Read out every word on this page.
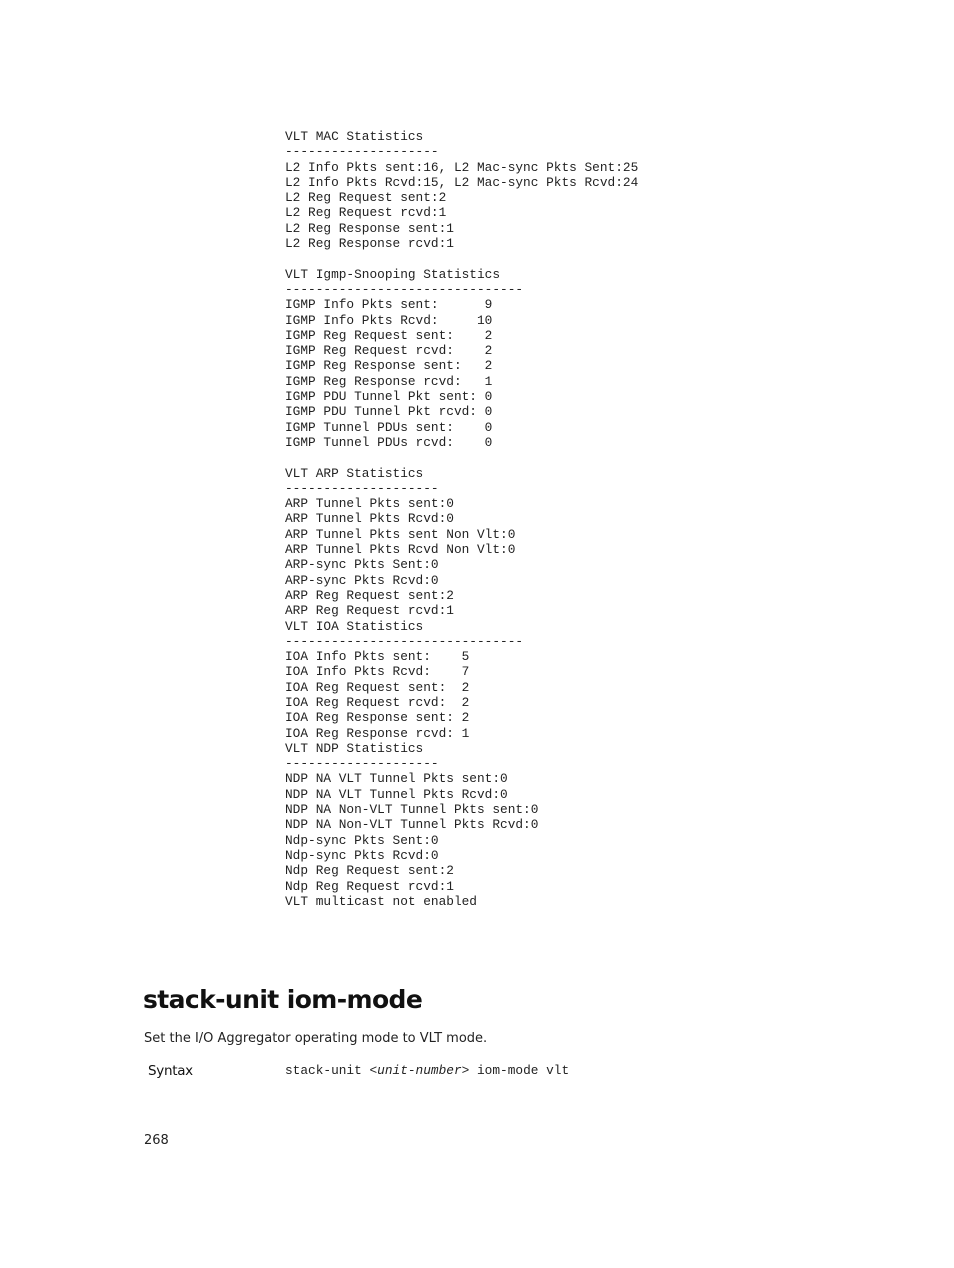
VLT MAC Statistics
--------------------
L2 Info Pkts sent:16, L2 Mac-sync Pkts Sent:25
L2 Info Pkts Rcvd:15, L2 Mac-sync Pkts Rcvd:24
L2 Reg Request sent:2
L2 Reg Request rcvd:1
L2 Reg Response sent:1
L2 Reg Response rcvd:1
VLT Igmp-Snooping Statistics
-------------------------------
IGMP Info Pkts sent:      9
IGMP Info Pkts Rcvd:     10
IGMP Reg Request sent:    2
IGMP Reg Request rcvd:    2
IGMP Reg Response sent:   2
IGMP Reg Response rcvd:   1
IGMP PDU Tunnel Pkt sent: 0
IGMP PDU Tunnel Pkt rcvd: 0
IGMP Tunnel PDUs sent:    0
IGMP Tunnel PDUs rcvd:    0
VLT ARP Statistics
--------------------
ARP Tunnel Pkts sent:0
ARP Tunnel Pkts Rcvd:0
ARP Tunnel Pkts sent Non Vlt:0
ARP Tunnel Pkts Rcvd Non Vlt:0
ARP-sync Pkts Sent:0
ARP-sync Pkts Rcvd:0
ARP Reg Request sent:2
ARP Reg Request rcvd:1
VLT IOA Statistics
-------------------------------
IOA Info Pkts sent:    5
IOA Info Pkts Rcvd:    7
IOA Reg Request sent:  2
IOA Reg Request rcvd:  2
IOA Reg Response sent: 2
IOA Reg Response rcvd: 1
VLT NDP Statistics
--------------------
NDP NA VLT Tunnel Pkts sent:0
NDP NA VLT Tunnel Pkts Rcvd:0
NDP NA Non-VLT Tunnel Pkts sent:0
NDP NA Non-VLT Tunnel Pkts Rcvd:0
Ndp-sync Pkts Sent:0
Ndp-sync Pkts Rcvd:0
Ndp Reg Request sent:2
Ndp Reg Request rcvd:1
VLT multicast not enabled
stack-unit iom-mode

Set the I/O Aggregator operating mode to VLT mode.

Syntax	stack-unit <unit-number> iom-mode vlt
268
